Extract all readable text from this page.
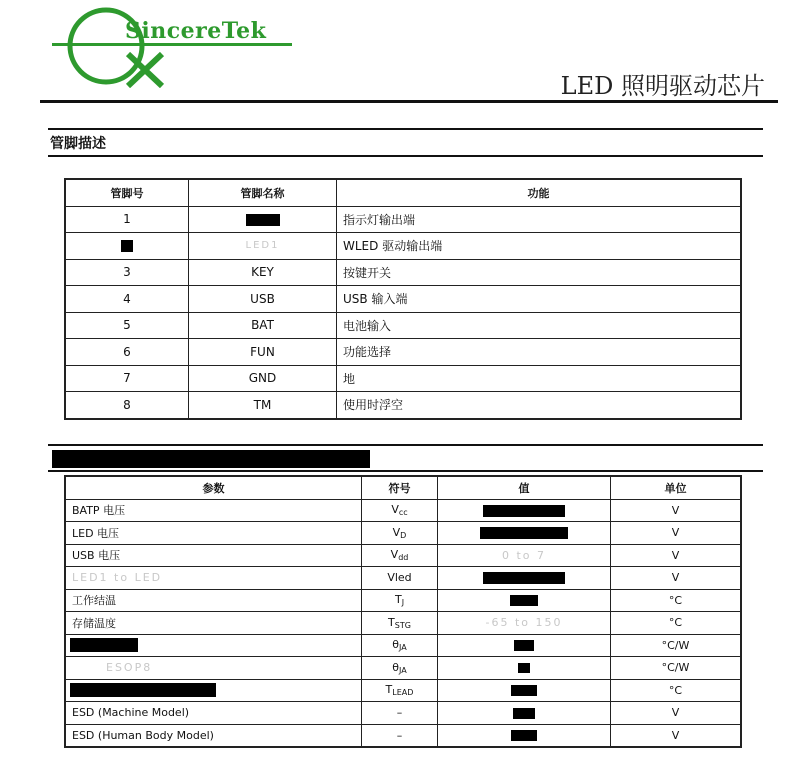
SincereTek
LED 照明驱动芯片
管脚描述
管脚号	管脚名称	功能
1		指示灯输出端
	LED1	WLED 驱动输出端
3	KEY	按键开关
4	USB	USB 输入端
5	BAT	电池输入
6	FUN	功能选择
7	GND	地
8	TM	使用时浮空
参数	符号	值	单位
BATP 电压	$V_{cc}$		V
LED 电压	$V_D$		V
USB 电压	$V_{dd}$	0 to 7	V
LED1 to LED	Vled		V
工作结温	$T_J$		°C
存储温度	$T_{STG}$	-65 to 150	°C
	$\theta_{JA}$		°C/W
ESOP8	$\theta_{JA}$		°C/W
	$T_{LEAD}$		°C
ESD (Machine Model)	–		V
ESD (Human Body Model)	–		V
